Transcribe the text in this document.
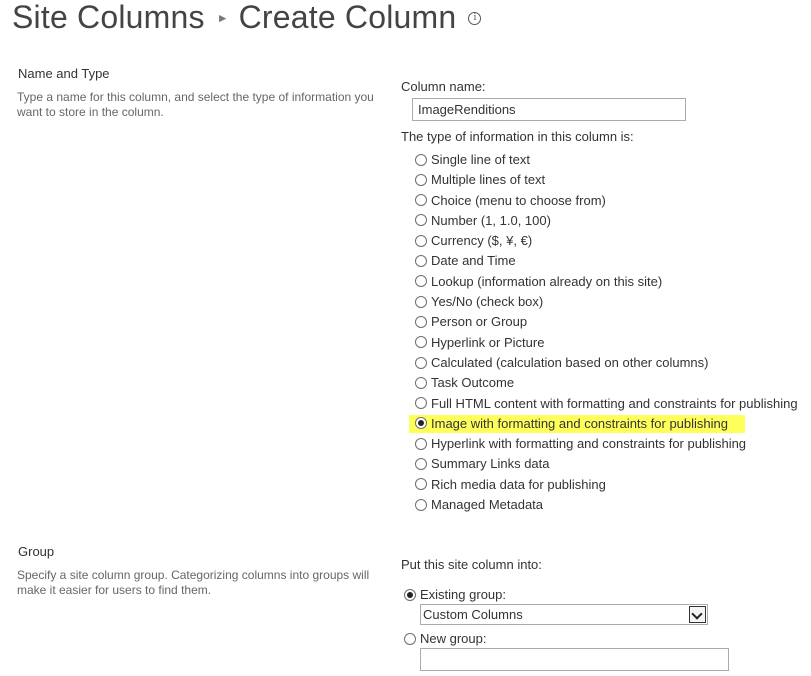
Site Columns ► Create Column i
Name and Type
Type a name for this column, and select the type of information you want to store in the column.
Column name:
ImageRenditions
The type of information in this column is:
Single line of text
Multiple lines of text
Choice (menu to choose from)
Number (1, 1.0, 100)
Currency ($, ¥, €)
Date and Time
Lookup (information already on this site)
Yes/No (check box)
Person or Group
Hyperlink or Picture
Calculated (calculation based on other columns)
Task Outcome
Full HTML content with formatting and constraints for publishing
Image with formatting and constraints for publishing
Hyperlink with formatting and constraints for publishing
Summary Links data
Rich media data for publishing
Managed Metadata
Group
Specify a site column group. Categorizing columns into groups will make it easier for users to find them.
Put this site column into:
Existing group:
Custom Columns
New group:
